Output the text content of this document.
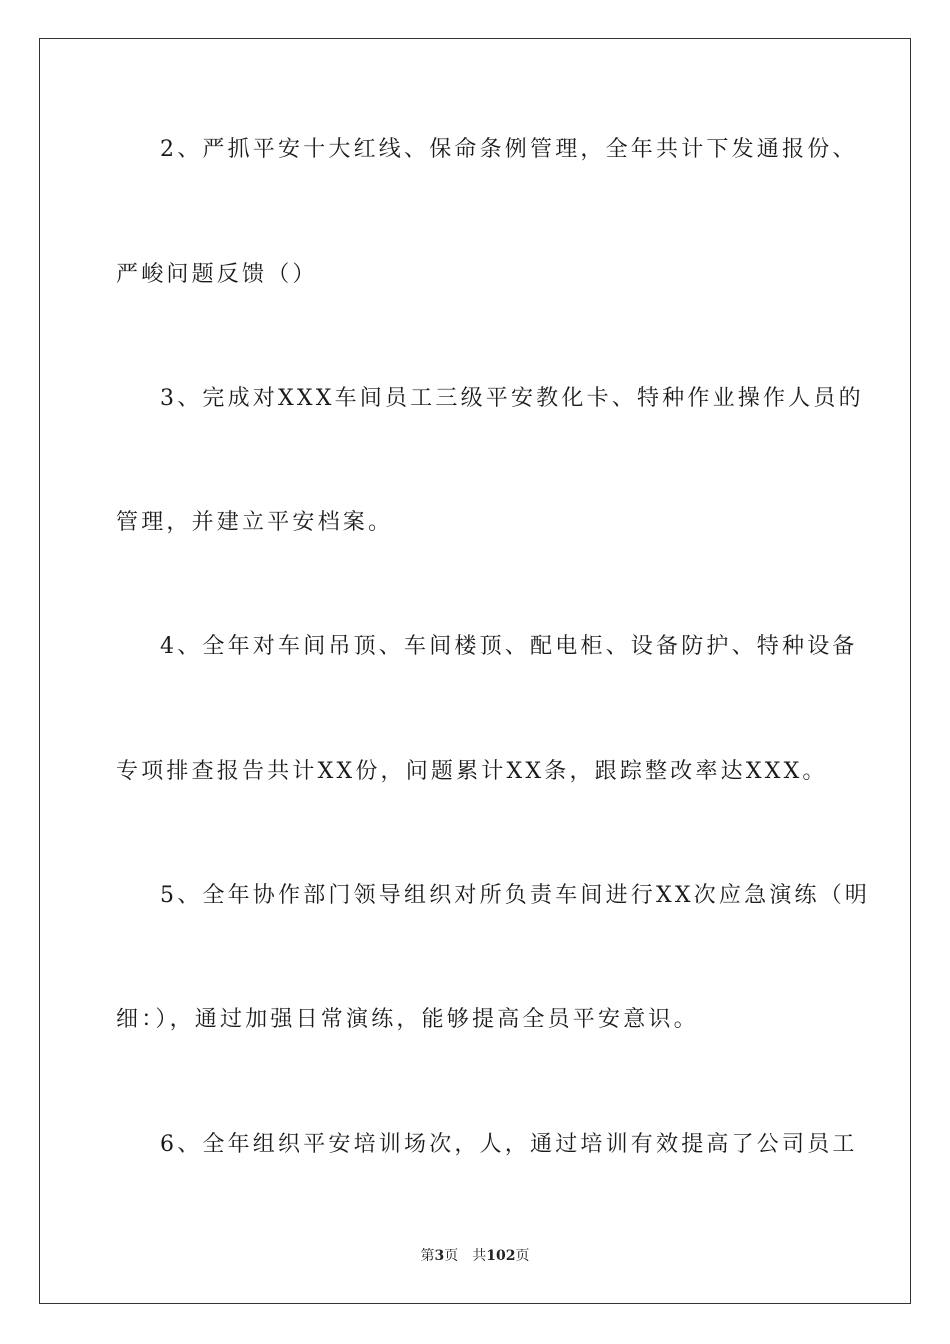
2、严抓平安十大红线、保命条例管理，全年共计下发通报份、

严峻问题反馈（）

3、完成对XXX车间员工三级平安教化卡、特种作业操作人员的

管理，并建立平安档案。

4、全年对车间吊顶、车间楼顶、配电柜、设备防护、特种设备

专项排查报告共计XX份，问题累计XX条，跟踪整改率达XXX。

5、全年协作部门领导组织对所负责车间进行XX次应急演练（明

细：），通过加强日常演练，能够提高全员平安意识。

6、全年组织平安培训场次，人，通过培训有效提高了公司员工

第3页 共102页
